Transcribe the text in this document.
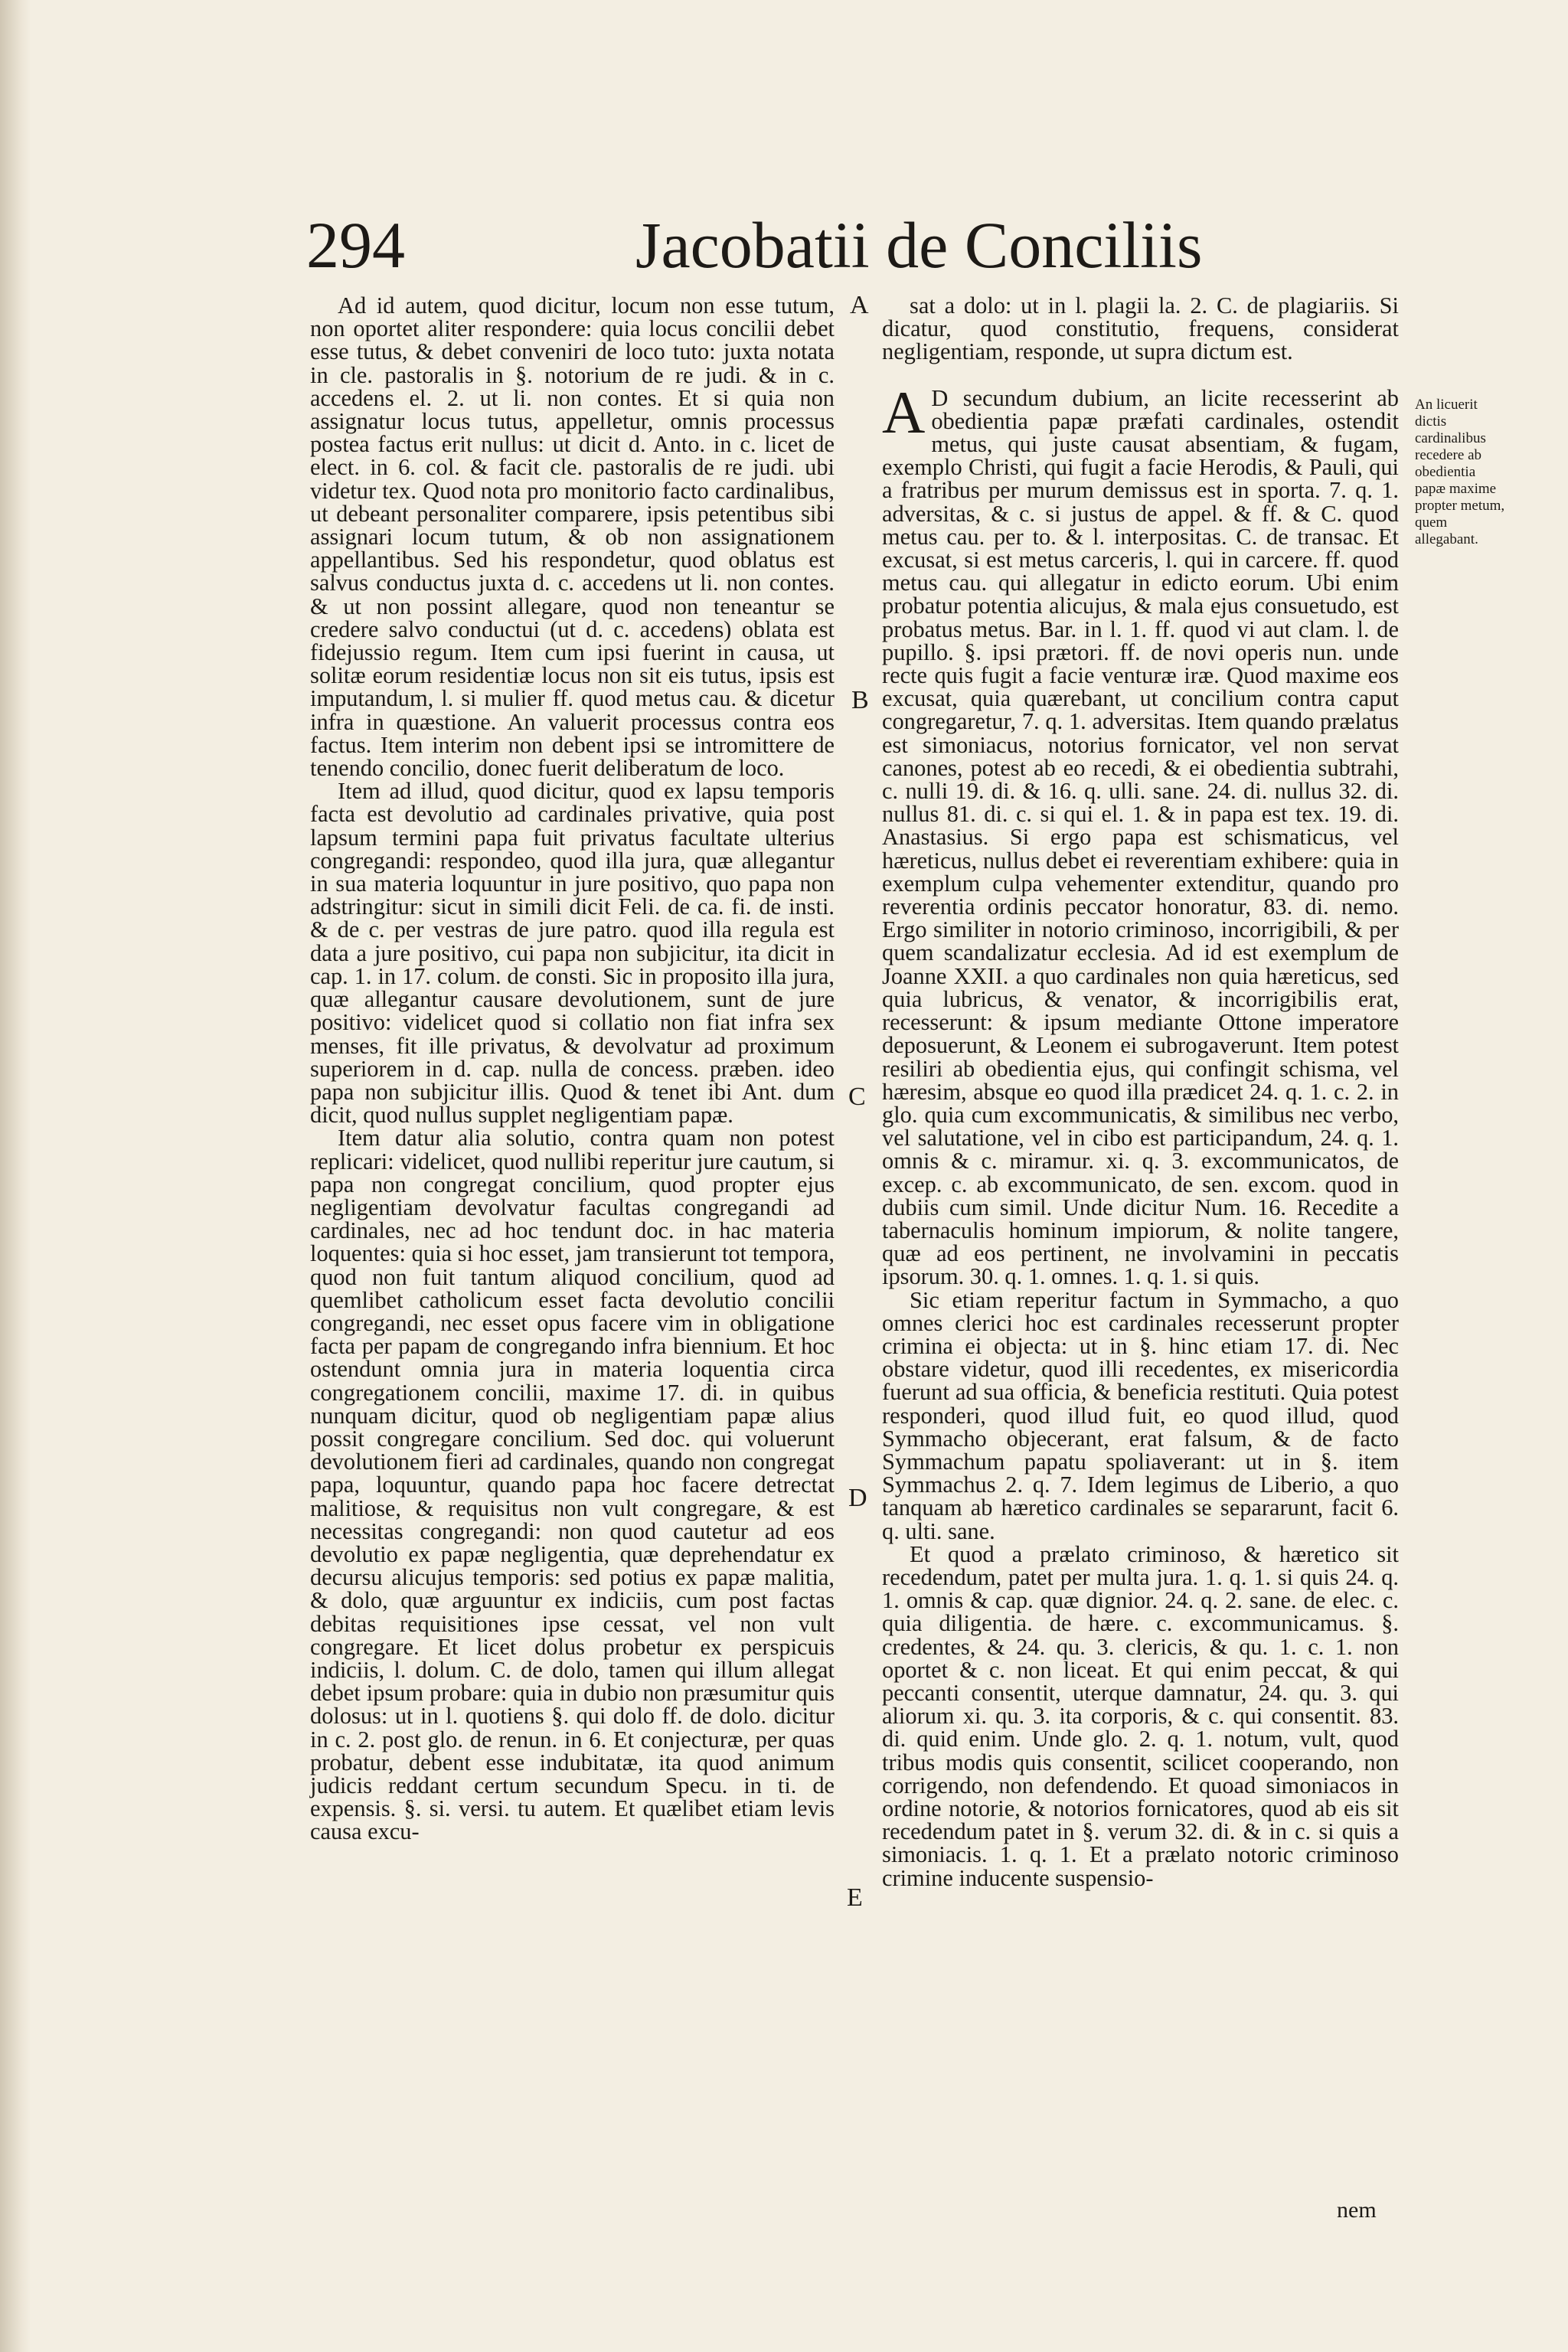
294	Jacobatii de Conciliis

Ad id autem, quod dicitur, locum non esse tutum, non oportet aliter respondere: quia locus concilii debet esse tutus, & debet conveniri de loco tuto: juxta notata in cle. pastoralis in §. notorium de re judi. & in c. accedens el. 2. ut li. non contes. Et si quia non assignatur locus tutus, appelletur, omnis processus postea factus erit nullus: ut dicit d. Anto. in c. licet de elect. in 6. col. & facit cle. pastoralis de re judi. ubi videtur tex. Quod nota pro monitorio facto cardinalibus, ut debeant personaliter comparere, ipsis petentibus sibi assignari locum tutum, & ob non assignationem appellantibus. Sed his respondetur, quod oblatus est salvus conductus juxta d. c. accedens ut li. non contes. & ut non possint allegare, quod non teneantur se credere salvo conductui (ut d. c. accedens) oblata est fidejussio regum. Item cum ipsi fuerint in causa, ut solitæ eorum residentiæ locus non sit eis tutus, ipsis est imputandum, l. si mulier ff. quod metus cau. & dicetur infra in quæstione. An valuerit processus contra eos factus. Item interim non debent ipsi se intromittere de tenendo concilio, donec fuerit deliberatum de loco.

Item ad illud, quod dicitur, quod ex lapsu temporis facta est devolutio ad cardinales privative, quia post lapsum termini papa fuit privatus facultate ulterius congregandi: respondeo, quod illa jura, quæ allegantur in sua materia loquuntur in jure positivo, quo papa non adstringitur: sicut in simili dicit Feli. de ca. fi. de insti. & de c. per vestras de jure patro. quod illa regula est data a jure positivo, cui papa non subjicitur, ita dicit in cap. 1. in 17. colum. de consti. Sic in proposito illa jura, quæ allegantur causare devolutionem, sunt de jure positivo: videlicet quod si collatio non fiat infra sex menses, fit ille privatus, & devolvatur ad proximum superiorem in d. cap. nulla de concess. præben. ideo papa non subjicitur illis. Quod & tenet ibi Ant. dum dicit, quod nullus supplet negligentiam papæ.

Item datur alia solutio, contra quam non potest replicari: videlicet, quod nullibi reperitur jure cautum, si papa non congregat concilium, quod propter ejus negligentiam devolvatur facultas congregandi ad cardinales, nec ad hoc tendunt doc. in hac materia loquentes: quia si hoc esset, jam transierunt tot tempora, quod non fuit tantum aliquod concilium, quod ad quemlibet catholicum esset facta devolutio concilii congregandi, nec esset opus facere vim in obligatione facta per papam de congregando infra biennium. Et hoc ostendunt omnia jura in materia loquentia circa congregationem concilii, maxime 17. di. in quibus nunquam dicitur, quod ob negligentiam papæ alius possit congregare concilium. Sed doc. qui voluerunt devolutionem fieri ad cardinales, quando non congregat papa, loquuntur, quando papa hoc facere detrectat malitiose, & requisitus non vult congregare, & est necessitas congregandi: non quod cautetur ad eos devolutio ex papæ negligentia, quæ deprehendatur ex decursu alicujus temporis: sed potius ex papæ malitia, & dolo, quæ arguuntur ex indiciis, cum post factas debitas requisitiones ipse cessat, vel non vult congregare. Et licet dolus probetur ex perspicuis indiciis, l. dolum. C. de dolo, tamen qui illum allegat debet ipsum probare: quia in dubio non præsumitur quis dolosus: ut in l. quotiens §. qui dolo ff. de dolo. dicitur in c. 2. post glo. de renun. in 6. Et conjecturæ, per quas probatur, debent esse indubitatæ, ita quod animum judicis reddant certum secundum Specu. in ti. de expensis. §. si. versi. tu autem. Et quælibet etiam levis causa excu-

A
B
C
D
E

sat a dolo: ut in l. plagii la. 2. C. de plagiariis. Si dicatur, quod constitutio, frequens, considerat negligentiam, responde, ut supra dictum est.

A D secundum dubium, an licite recesserint ab obedientia papæ præfati cardinales, ostendit metus, qui juste causat absentiam, & fugam, exemplo Christi, qui fugit a facie Herodis, & Pauli, qui a fratribus per murum demissus est in sporta. 7. q. 1. adversitas, & c. si justus de appel. & ff. & C. quod metus cau. per to. & l. interpositas. C. de transac. Et excusat, si est metus carceris, l. qui in carcere. ff. quod metus cau. qui allegatur in edicto eorum. Ubi enim probatur potentia alicujus, & mala ejus consuetudo, est probatus metus. Bar. in l. 1. ff. quod vi aut clam. l. de pupillo. §. ipsi prætori. ff. de novi operis nun. unde recte quis fugit a facie venturæ iræ. Quod maxime eos excusat, quia quærebant, ut concilium contra caput congregaretur, 7. q. 1. adversitas. Item quando prælatus est simoniacus, notorius fornicator, vel non servat canones, potest ab eo recedi, & ei obedientia subtrahi, c. nulli 19. di. & 16. q. ulli. sane. 24. di. nullus 32. di. nullus 81. di. c. si qui el. 1. & in papa est tex. 19. di. Anastasius. Si ergo papa est schismaticus, vel hæreticus, nullus debet ei reverentiam exhibere: quia in exemplum culpa vehementer extenditur, quando pro reverentia ordinis peccator honoratur, 83. di. nemo. Ergo similiter in notorio criminoso, incorrigibili, & per quem scandalizatur ecclesia. Ad id est exemplum de Joanne XXII. a quo cardinales non quia hæreticus, sed quia lubricus, & venator, & incorrigibilis erat, recesserunt: & ipsum mediante Ottone imperatore deposuerunt, & Leonem ei subrogaverunt. Item potest resiliri ab obedientia ejus, qui confingit schisma, vel hæresim, absque eo quod illa prædicet 24. q. 1. c. 2. in glo. quia cum excommunicatis, & similibus nec verbo, vel salutatione, vel in cibo est participandum, 24. q. 1. omnis & c. miramur. xi. q. 3. excommunicatos, de excep. c. ab excommunicato, de sen. excom. quod in dubiis cum simil. Unde dicitur Num. 16. Recedite a tabernaculis hominum impiorum, & nolite tangere, quæ ad eos pertinent, ne involvamini in peccatis ipsorum. 30. q. 1. omnes. 1. q. 1. si quis.

Sic etiam reperitur factum in Symmacho, a quo omnes clerici hoc est cardinales recesserunt propter crimina ei objecta: ut in §. hinc etiam 17. di. Nec obstare videtur, quod illi recedentes, ex misericordia fuerunt ad sua officia, & beneficia restituti. Quia potest responderi, quod illud fuit, eo quod illud, quod Symmacho objecerant, erat falsum, & de facto Symmachum papatu spoliaverant: ut in §. item Symmachus 2. q. 7. Idem legimus de Liberio, a quo tanquam ab hæretico cardinales se separarunt, facit 6. q. ulti. sane.

Et quod a prælato criminoso, & hæretico sit recedendum, patet per multa jura. 1. q. 1. si quis 24. q. 1. omnis & cap. quæ dignior. 24. q. 2. sane. de elec. c. quia diligentia. de hære. c. excommunicamus. §. credentes, & 24. qu. 3. clericis, & qu. 1. c. 1. non oportet & c. non liceat. Et qui enim peccat, & qui peccanti consentit, uterque damnatur, 24. qu. 3. qui aliorum xi. qu. 3. ita corporis, & c. qui consentit. 83. di. quid enim. Unde glo. 2. q. 1. notum, vult, quod tribus modis quis consentit, scilicet cooperando, non corrigendo, non defendendo. Et quoad simoniacos in ordine notorie, & notorios fornicatores, quod ab eis sit recedendum patet in §. verum 32. di. & in c. si quis a simoniacis. 1. q. 1. Et a prælato notoric criminoso crimine inducente suspensio-

An licuerit dictis cardinalibus recedere ab obedientia papæ maxime propter metum, quem allegabant.
nem
